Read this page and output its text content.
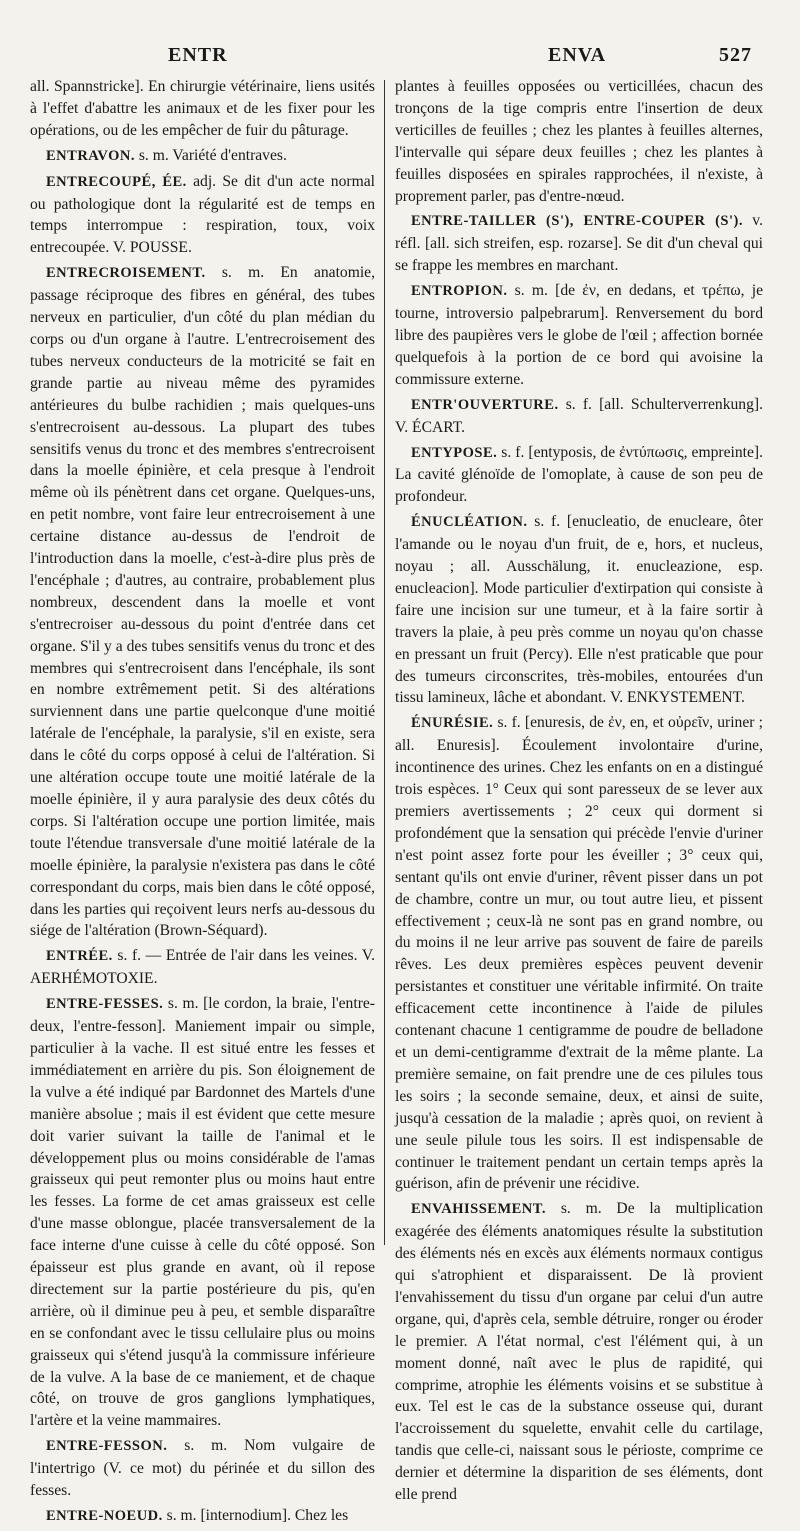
ENTR	ENVA	527

all. Spannstricke]. En chirurgie vétérinaire, liens usités à l'effet d'abattre les animaux et de les fixer pour les opérations, ou de les empêcher de fuir du pâturage.

ENTRAVON. s. m. Variété d'entraves.

ENTRECOUPÉ, ÉE. adj. Se dit d'un acte normal ou pathologique dont la régularité est de temps en temps interrompue : respiration, toux, voix entrecoupée. V. POUSSE.

ENTRECROISEMENT. s. m. En anatomie, passage réciproque des fibres en général, des tubes nerveux en particulier, d'un côté du plan médian du corps ou d'un organe à l'autre. L'entrecroisement des tubes nerveux conducteurs de la motricité se fait en grande partie au niveau même des pyramides antérieures du bulbe rachidien ; mais quelques-uns s'entrecroisent au-dessous. La plupart des tubes sensitifs venus du tronc et des membres s'entrecroisent dans la moelle épinière, et cela presque à l'endroit même où ils pénètrent dans cet organe. Quelques-uns, en petit nombre, vont faire leur entrecroisement à une certaine distance au-dessus de l'endroit de l'introduction dans la moelle, c'est-à-dire plus près de l'encéphale ; d'autres, au contraire, probablement plus nombreux, descendent dans la moelle et vont s'entrecroiser au-dessous du point d'entrée dans cet organe. S'il y a des tubes sensitifs venus du tronc et des membres qui s'entrecroisent dans l'encéphale, ils sont en nombre extrêmement petit. Si des altérations surviennent dans une partie quelconque d'une moitié latérale de l'encéphale, la paralysie, s'il en existe, sera dans le côté du corps opposé à celui de l'altération. Si une altération occupe toute une moitié latérale de la moelle épinière, il y aura paralysie des deux côtés du corps. Si l'altération occupe une portion limitée, mais toute l'étendue transversale d'une moitié latérale de la moelle épinière, la paralysie n'existera pas dans le côté correspondant du corps, mais bien dans le côté opposé, dans les parties qui reçoivent leurs nerfs au-dessous du siége de l'altération (Brown-Séquard).

ENTRÉE. s. f. — Entrée de l'air dans les veines. V. AERHÉMOTOXIE.

ENTRE-FESSES. s. m. [le cordon, la braie, l'entre-deux, l'entre-fesson]. Maniement impair ou simple, particulier à la vache. Il est situé entre les fesses et immédiatement en arrière du pis. Son éloignement de la vulve a été indiqué par Bardonnet des Martels d'une manière absolue ; mais il est évident que cette mesure doit varier suivant la taille de l'animal et le développement plus ou moins considérable de l'amas graisseux qui peut remonter plus ou moins haut entre les fesses. La forme de cet amas graisseux est celle d'une masse oblongue, placée transversalement de la face interne d'une cuisse à celle du côté opposé. Son épaisseur est plus grande en avant, où il repose directement sur la partie postérieure du pis, qu'en arrière, où il diminue peu à peu, et semble disparaître en se confondant avec le tissu cellulaire plus ou moins graisseux qui s'étend jusqu'à la commissure inférieure de la vulve. A la base de ce maniement, et de chaque côté, on trouve de gros ganglions lymphatiques, l'artère et la veine mammaires.

ENTRE-FESSON. s. m. Nom vulgaire de l'intertrigo (V. ce mot) du périnée et du sillon des fesses.

ENTRE-NOEUD. s. m. [internodium]. Chez les

plantes à feuilles opposées ou verticillées, chacun des tronçons de la tige compris entre l'insertion de deux verticilles de feuilles ; chez les plantes à feuilles alternes, l'intervalle qui sépare deux feuilles ; chez les plantes à feuilles disposées en spirales rapprochées, il n'existe, à proprement parler, pas d'entre-nœud.

ENTRE-TAILLER (S'), ENTRE-COUPER (S'). v. réfl. [all. sich streifen, esp. rozarse]. Se dit d'un cheval qui se frappe les membres en marchant.

ENTROPION. s. m. [de ἐν, en dedans, et τρέπω, je tourne, introversio palpebrarum]. Renversement du bord libre des paupières vers le globe de l'œil ; affection bornée quelquefois à la portion de ce bord qui avoisine la commissure externe.

ENTR'OUVERTURE. s. f. [all. Schulterverrenkung]. V. ÉCART.

ENTYPOSE. s. f. [entyposis, de ἐντύπωσις, empreinte]. La cavité glénoïde de l'omoplate, à cause de son peu de profondeur.

ÉNUCLÉATION. s. f. [enucleatio, de enucleare, ôter l'amande ou le noyau d'un fruit, de e, hors, et nucleus, noyau ; all. Ausschälung, it. enucleazione, esp. enucleacion]. Mode particulier d'extirpation qui consiste à faire une incision sur une tumeur, et à la faire sortir à travers la plaie, à peu près comme un noyau qu'on chasse en pressant un fruit (Percy). Elle n'est praticable que pour des tumeurs circonscrites, très-mobiles, entourées d'un tissu lamineux, lâche et abondant. V. ENKYSTEMENT.

ÉNURÉSIE. s. f. [enuresis, de ἐν, en, et οὐρεῖν, uriner ; all. Enuresis]. Écoulement involontaire d'urine, incontinence des urines. Chez les enfants on en a distingué trois espèces. 1° Ceux qui sont paresseux de se lever aux premiers avertissements ; 2° ceux qui dorment si profondément que la sensation qui précède l'envie d'uriner n'est point assez forte pour les éveiller ; 3° ceux qui, sentant qu'ils ont envie d'uriner, rêvent pisser dans un pot de chambre, contre un mur, ou tout autre lieu, et pissent effectivement ; ceux-là ne sont pas en grand nombre, ou du moins il ne leur arrive pas souvent de faire de pareils rêves. Les deux premières espèces peuvent devenir persistantes et constituer une véritable infirmité. On traite efficacement cette incontinence à l'aide de pilules contenant chacune 1 centigramme de poudre de belladone et un demi-centigramme d'extrait de la même plante. La première semaine, on fait prendre une de ces pilules tous les soirs ; la seconde semaine, deux, et ainsi de suite, jusqu'à cessation de la maladie ; après quoi, on revient à une seule pilule tous les soirs. Il est indispensable de continuer le traitement pendant un certain temps après la guérison, afin de prévenir une récidive.

ENVAHISSEMENT. s. m. De la multiplication exagérée des éléments anatomiques résulte la substitution des éléments nés en excès aux éléments normaux contigus qui s'atrophient et disparaissent. De là provient l'envahissement du tissu d'un organe par celui d'un autre organe, qui, d'après cela, semble détruire, ronger ou éroder le premier. A l'état normal, c'est l'élément qui, à un moment donné, naît avec le plus de rapidité, qui comprime, atrophie les éléments voisins et se substitue à eux. Tel est le cas de la substance osseuse qui, durant l'accroissement du squelette, envahit celle du cartilage, tandis que celle-ci, naissant sous le périoste, comprime ce dernier et détermine la disparition de ses éléments, dont elle prend
